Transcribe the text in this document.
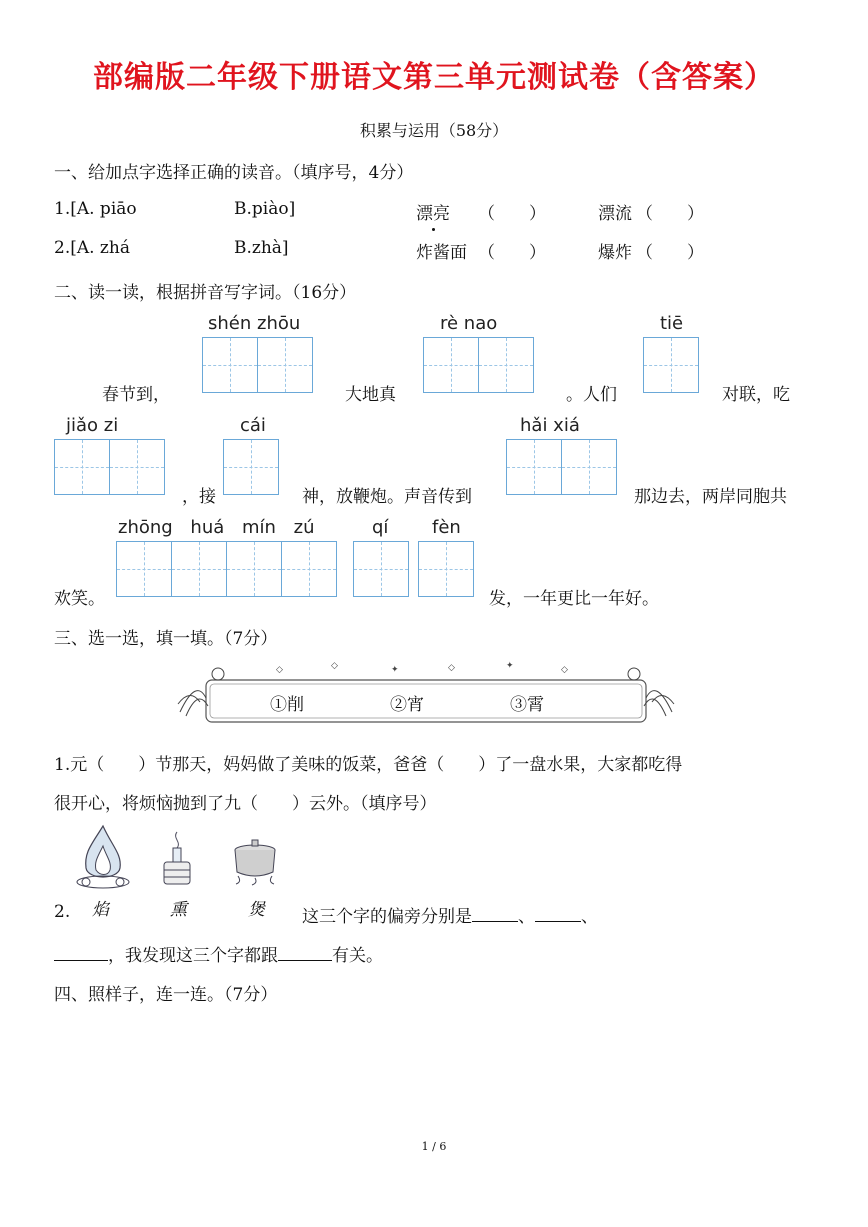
部编版二年级下册语文第三单元测试卷（含答案）
积累与运用（58分）
一、给加点字选择正确的读音。（填序号，4分）
1.[A. piāo	B.piào]	漂亮 （　　）	漂流 （　　）
2.[A. zhá	B.zhà]	炸酱面 （　　）	爆炸 （　　）
二、读一读，根据拼音写字词。（16分）
shén zhōu	rè nao	tiē
春节到，	大地真	。人们	对联，吃
jiǎo zi	cái	hǎi xiá
，接	神，放鞭炮。声音传到	那边去，两岸同胞共
zhōng huá mín zú	qí fèn
欢笑。	发，一年更比一年好。
三、选一选，填一填。（7分）
◇	◇	✦	◇	✦	◇
①削	②宵	③霄
1.元（　　）节那天，妈妈做了美味的饭菜，爸爸（　　）了一盘水果，大家都吃得
很开心，将烦恼抛到了九（　　）云外。（填序号）
焰	熏	煲
2.	这三个字的偏旁分别是	、	、
，我发现这三个字都跟	有关。
四、照样子，连一连。（7分）
1 / 6
